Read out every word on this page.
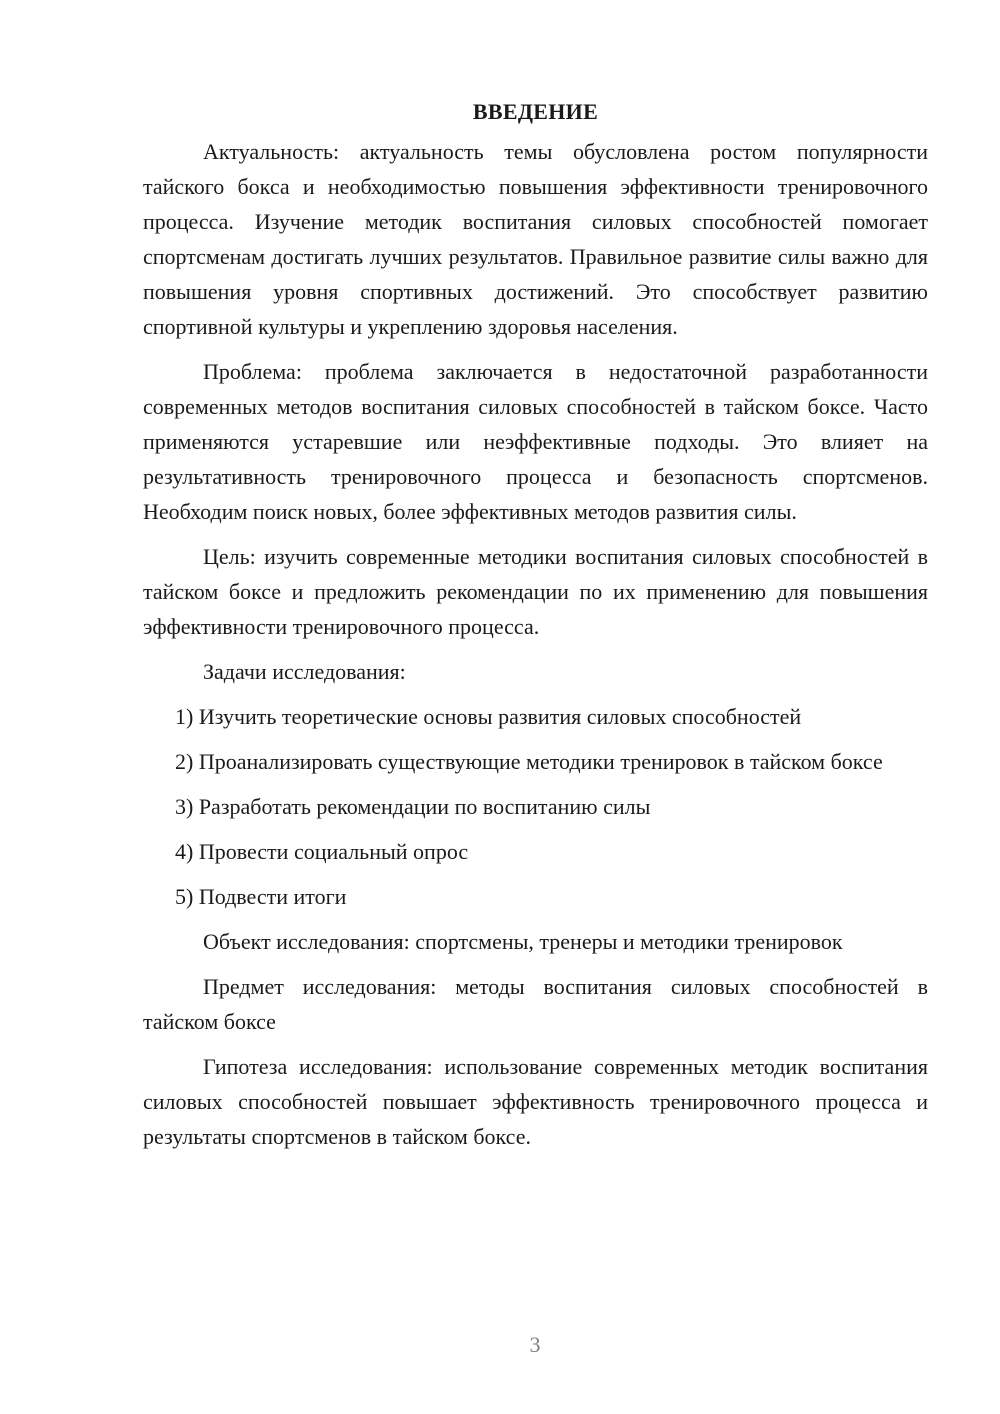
ВВЕДЕНИЕ

Актуальность: актуальность темы обусловлена ростом популярности тайского бокса и необходимостью повышения эффективности тренировочного процесса. Изучение методик воспитания силовых способностей помогает спортсменам достигать лучших результатов. Правильное развитие силы важно для повышения уровня спортивных достижений. Это способствует развитию спортивной культуры и укреплению здоровья населения.

Проблема: проблема заключается в недостаточной разработанности современных методов воспитания силовых способностей в тайском боксе. Часто применяются устаревшие или неэффективные подходы. Это влияет на результативность тренировочного процесса и безопасность спортсменов. Необходим поиск новых, более эффективных методов развития силы.

Цель: изучить современные методики воспитания силовых способностей в тайском боксе и предложить рекомендации по их применению для повышения эффективности тренировочного процесса.

Задачи исследования:

1) Изучить теоретические основы развития силовых способностей

2) Проанализировать существующие методики тренировок в тайском боксе

3) Разработать рекомендации по воспитанию силы

4) Провести социальный опрос

5) Подвести итоги

Объект исследования: спортсмены, тренеры и методики тренировок

Предмет исследования: методы воспитания силовых способностей в тайском боксе

Гипотеза исследования: использование современных методик воспитания силовых способностей повышает эффективность тренировочного процесса и результаты спортсменов в тайском боксе.

3
